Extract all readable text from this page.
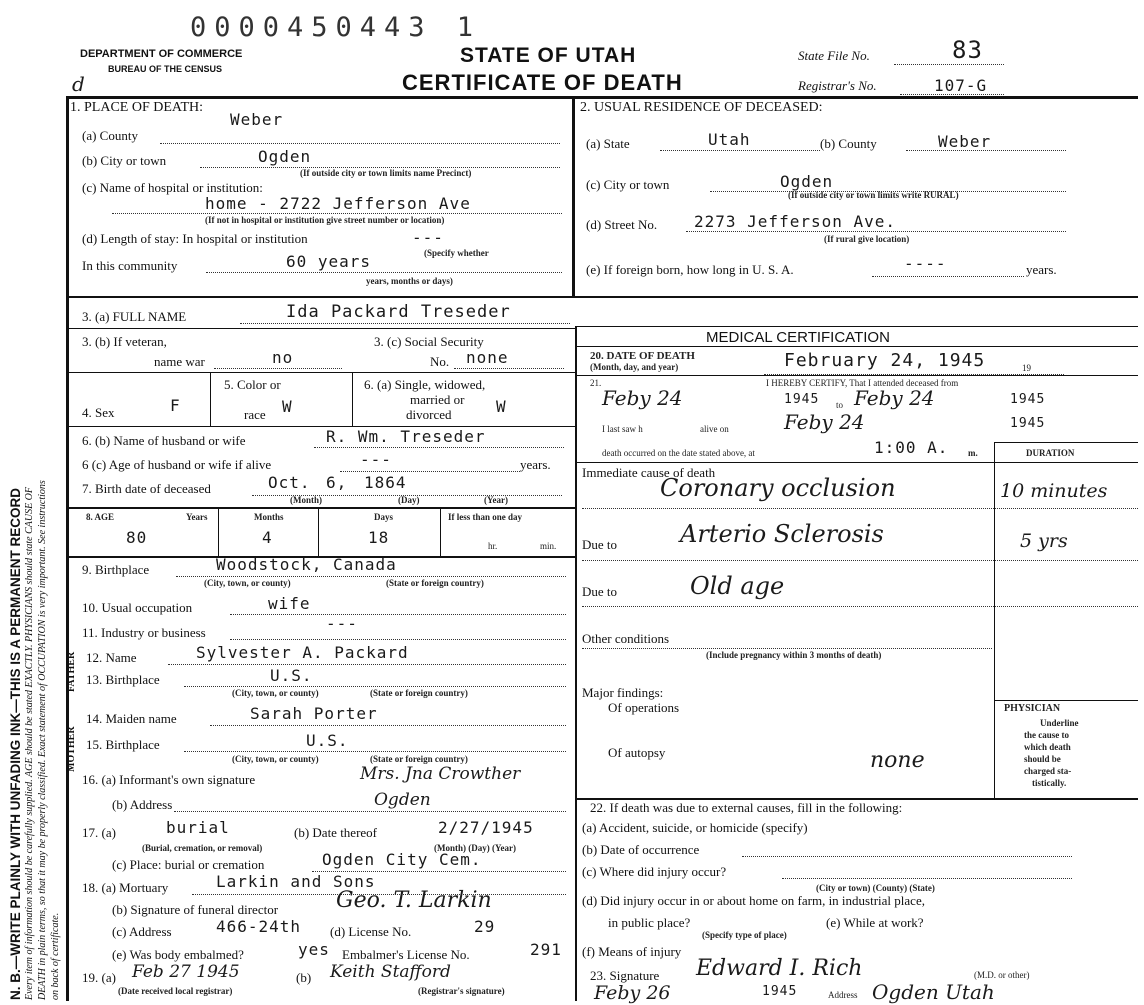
N. B.—WRITE PLAINLY WITH UNFADING INK—THIS IS A PERMANENT RECORD Every item of information should be carefully supplied. AGE should be stated EXACTLY. PHYSICIANS should state CAUSE OF DEATH in plain terms, so that it may be properly classified. Exact statement of OCCUPATION is very important. See instructions on back of certificate.
0000450443 1
DEPARTMENT OF COMMERCE
BUREAU OF THE CENSUS
d
STATE OF UTAH
CERTIFICATE OF DEATH
State File No.	83
Registrar's No.	107-G
1. PLACE OF DEATH:
(a) County
Weber
(b) City or town	Ogden
(If outside city or town limits name Precinct)
(c) Name of hospital or institution:
home - 2722 Jefferson Ave
(If not in hospital or institution give street number or location)
(d) Length of stay: In hospital or institution	---
(Specify whether
In this community	60 years
years, months or days)
2. USUAL RESIDENCE OF DECEASED:
(a) State	Utah	(b) County	Weber
(c) City or town	Ogden
(If outside city or town limits write RURAL)
(d) Street No. 2273 Jefferson Ave.
(If rural give location)
(e) If foreign born, how long in U. S. A.	----	years.
3. (a) FULL NAME	Ida Packard Treseder
3. (b) If veteran,
name war	no
3. (c) Social Security
No. none
4. Sex	F
5. Color or
race W
6. (a) Single, widowed,
married or
divorced	W
6. (b) Name of husband or wife	R. Wm. Treseder
6 (c) Age of husband or wife if alive	---	years.
7. Birth date of deceased	Oct. 6, 1864
(Month)	(Day)	(Year)
8. AGE	Years	Months	Days	If less than one day
80	4	18	hr.	min.
9. Birthplace	Woodstock, Canada
(City, town, or county)	(State or foreign country)
10. Usual occupation	wife
11. Industry or business	---
FATHER
MOTHER
12. Name	Sylvester A. Packard
13. Birthplace	U.S.
(City, town, or county)	(State or foreign country)
14. Maiden name	Sarah Porter
15. Birthplace	U.S.
(City, town, or county)	(State or foreign country)
16. (a) Informant's own signature	Mrs. Jna Crowther
(b) Address	Ogden
17. (a)	burial
(Burial, cremation, or removal)
(b) Date thereof	2/27/1945
(Month) (Day) (Year)
(c) Place: burial or cremation	Ogden City Cem.
18. (a) Mortuary	Larkin and Sons
(b) Signature of funeral director	Geo. T. Larkin
(c) Address	466-24th (d) License No.	29
(e) Was body embalmed?	yes Embalmer's License No.	291
19. (a) Feb 27 1945
(Date received local registrar)
(b) Keith Stafford
(Registrar's signature)
MEDICAL CERTIFICATION
20. DATE OF DEATH
(Month, day, and year)	February 24, 1945	19
21.	I HEREBY CERTIFY, That I attended deceased from
Feby 24	1945 to Feby 24	1945
I last saw h	alive on	Feby 24	1945
death occurred on the date stated above, at	1:00 A. m.	DURATION
Immediate cause of death
Coronary occlusion	10 minutes
Due to	Arterio Sclerosis	5 yrs
Due to	Old age
Other conditions
(Include pregnancy within 3 months of death)
Major findings:
Of operations
Of autopsy	none
PHYSICIAN
Underline
the cause to
which death
should be
charged sta-
tistically.
22. If death was due to external causes, fill in the following:
(a) Accident, suicide, or homicide (specify)
(b) Date of occurrence
(c) Where did injury occur?
(City or town) (County) (State)
(d) Did injury occur in or about home on farm, in industrial place,
in public place?	(e) While at work?
(Specify type of place)
(f) Means of injury
23. Signature Edward I. Rich	(M.D. or other)
Feby 26	1945	Address Ogden Utah
